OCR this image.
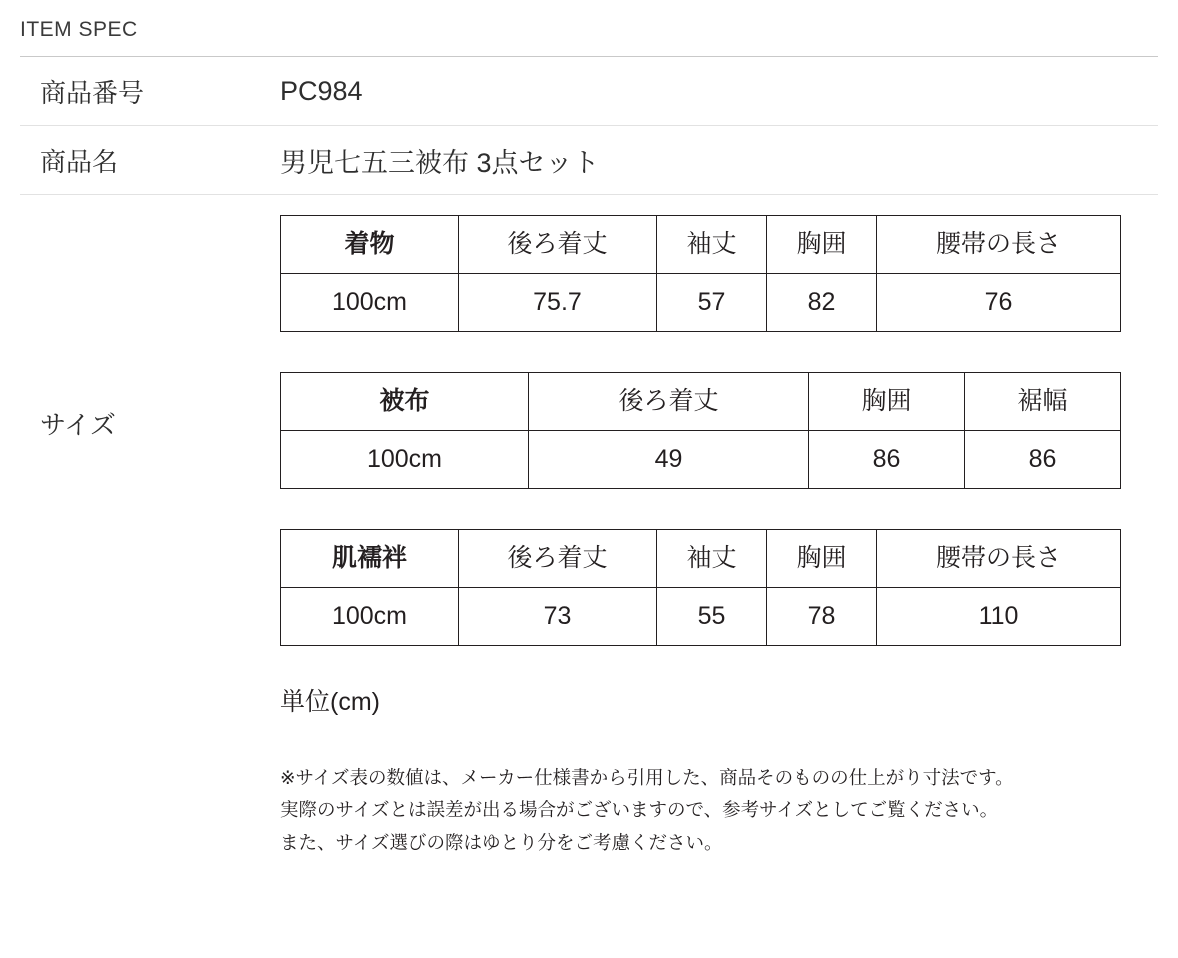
ITEM SPEC
商品番号	PC984
商品名	男児七五三被布 3点セット
サイズ
着物	後ろ着丈	袖丈	胸囲	腰帯の長さ
100cm	75.7	57	82	76
被布	後ろ着丈	胸囲	裾幅
100cm	49	86	86
肌襦袢	後ろ着丈	袖丈	胸囲	腰帯の長さ
100cm	73	55	78	110
単位(cm)
※サイズ表の数値は、メーカー仕様書から引用した、商品そのものの仕上がり寸法です。
実際のサイズとは誤差が出る場合がございますので、参考サイズとしてご覧ください。
また、サイズ選びの際はゆとり分をご考慮ください。
